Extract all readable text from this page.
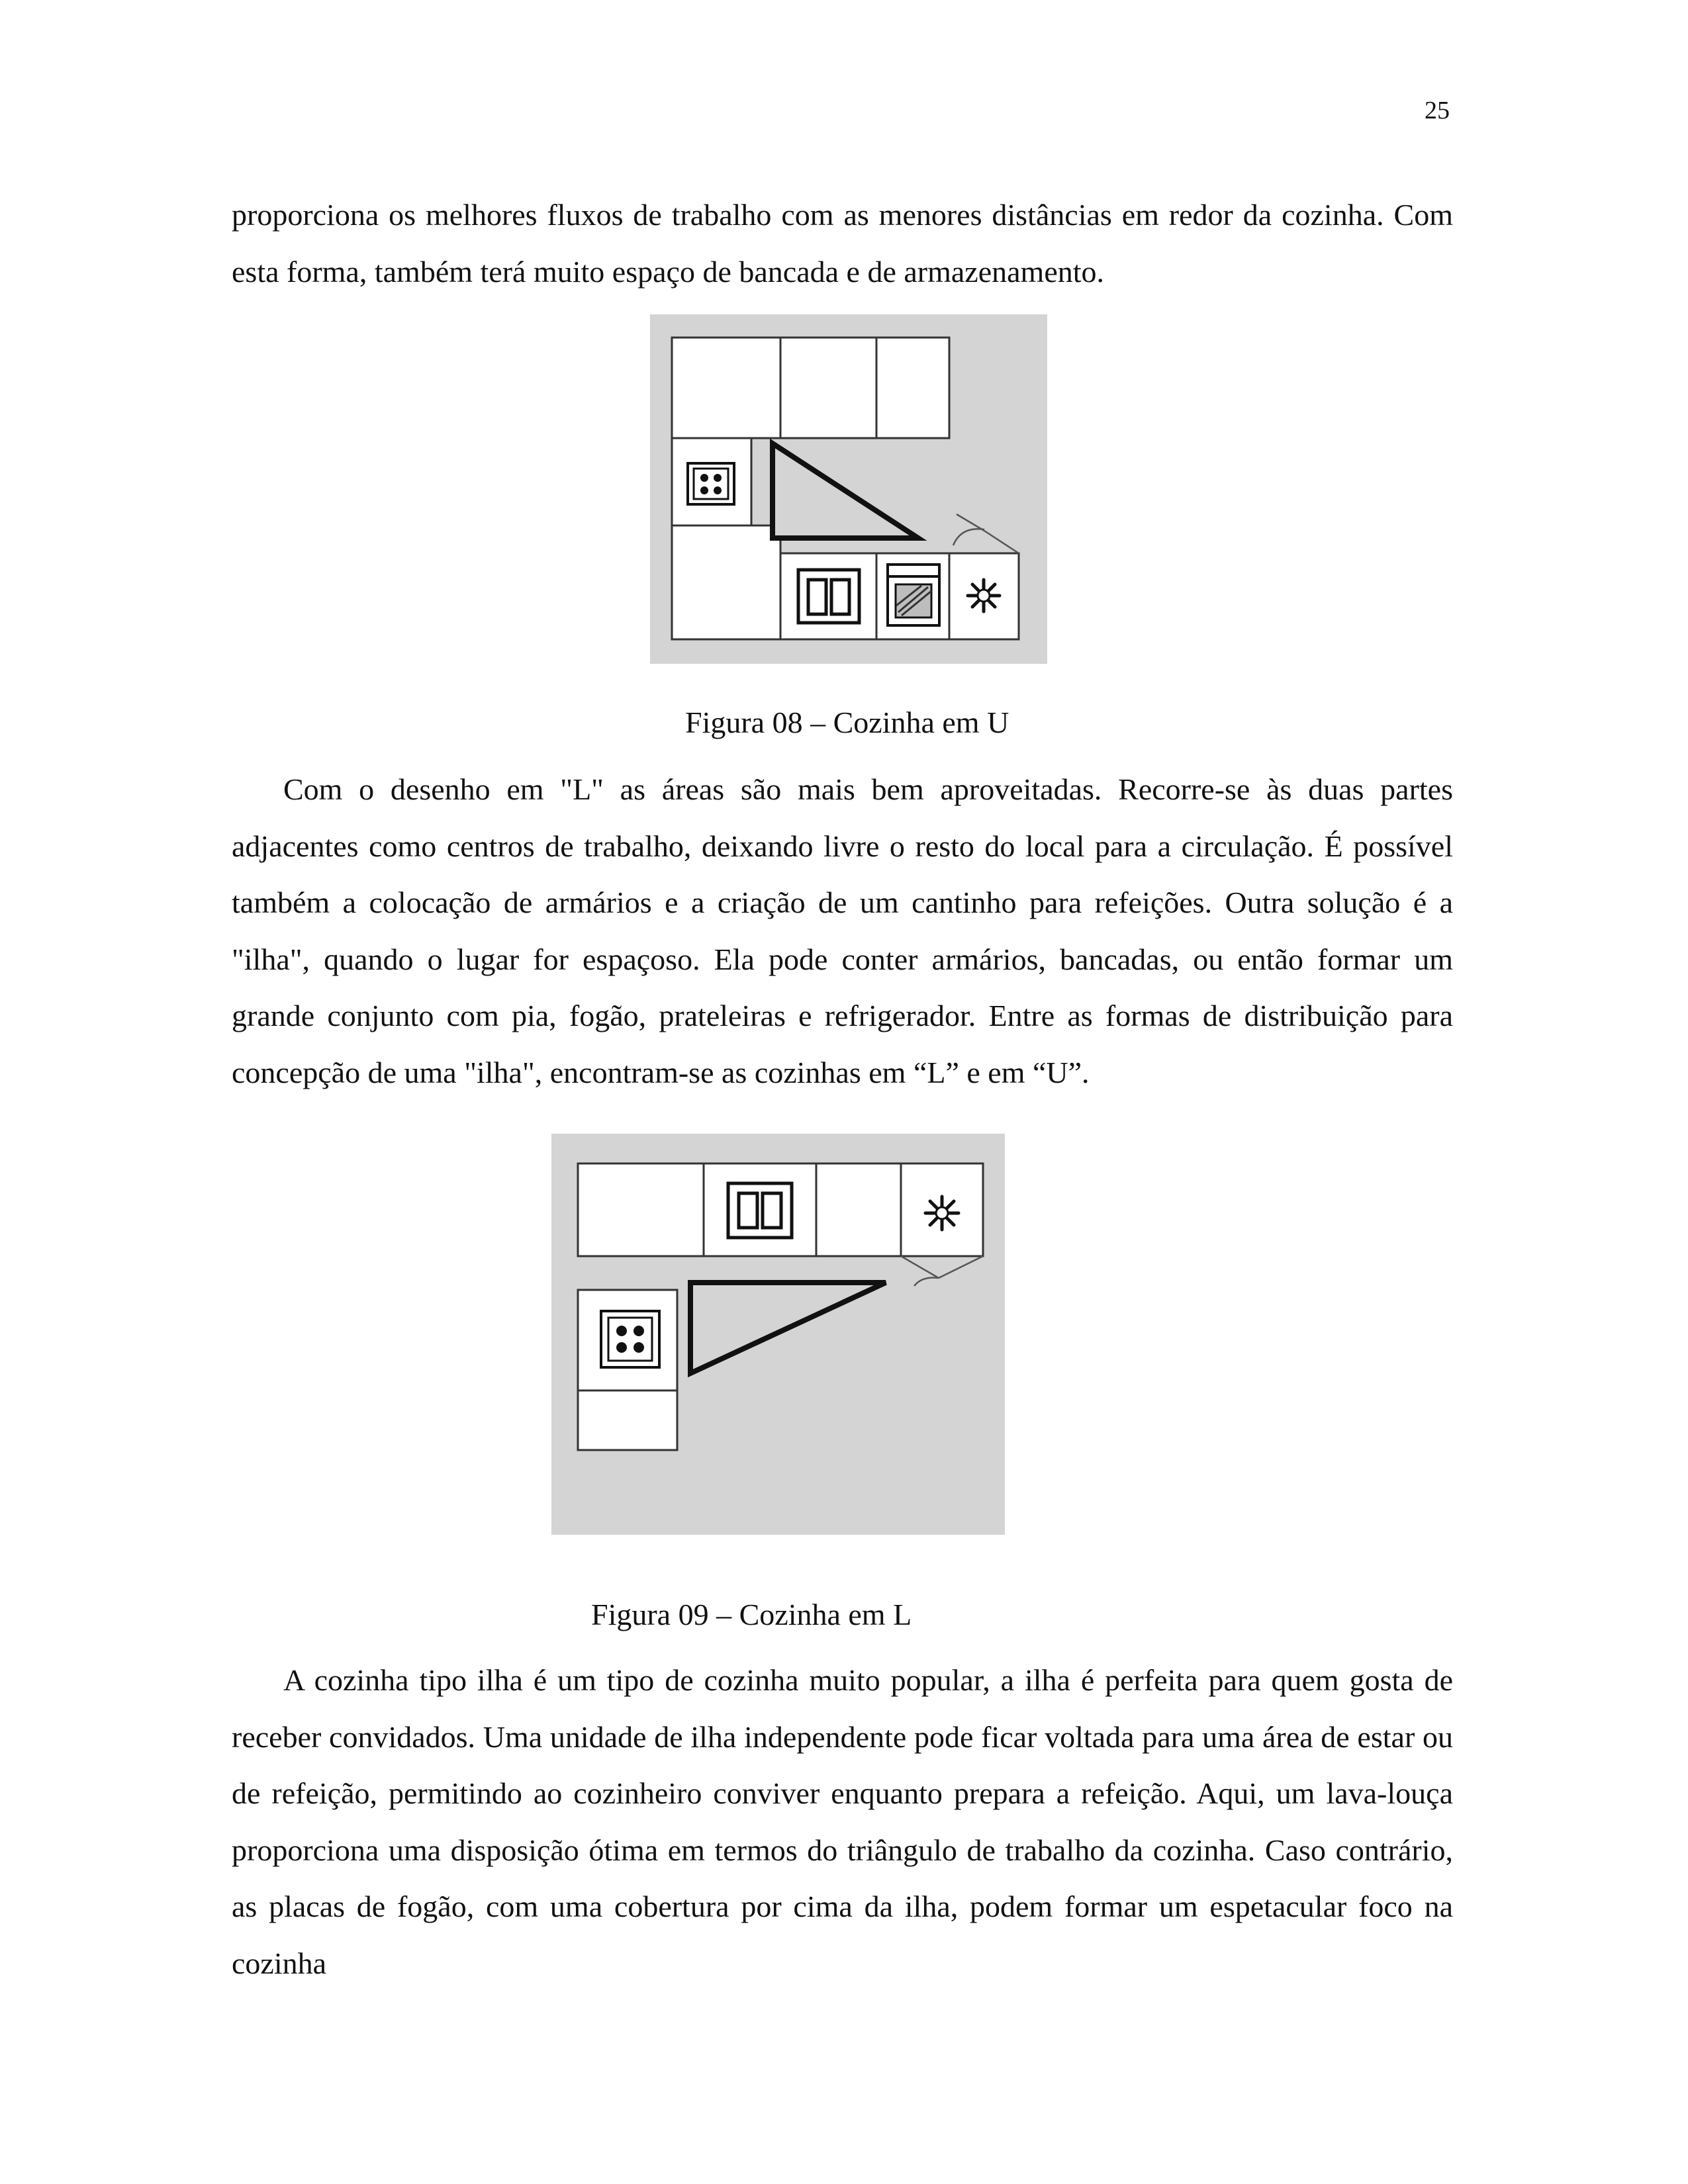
25

proporciona os melhores fluxos de trabalho com as menores distâncias em redor da cozinha. Com esta forma, também terá muito espaço de bancada e de armazenamento.

Figura 08 – Cozinha em U

Com o desenho em "L" as áreas são mais bem aproveitadas. Recorre-se às duas partes adjacentes como centros de trabalho, deixando livre o resto do local para a circulação. É possível também a colocação de armários e a criação de um cantinho para refeições. Outra solução é a "ilha", quando o lugar for espaçoso. Ela pode conter armários, bancadas, ou então formar um grande conjunto com pia, fogão, prateleiras e refrigerador. Entre as formas de distribuição para concepção de uma "ilha", encontram-se as cozinhas em “L” e em “U”.

Figura 09 – Cozinha em L

A cozinha tipo ilha é um tipo de cozinha muito popular, a ilha é perfeita para quem gosta de receber convidados. Uma unidade de ilha independente pode ficar voltada para uma área de estar ou de refeição, permitindo ao cozinheiro conviver enquanto prepara a refeição. Aqui, um lava-louça proporciona uma disposição ótima em termos do triângulo de trabalho da cozinha. Caso contrário, as placas de fogão, com uma cobertura por cima da ilha, podem formar um espetacular foco na cozinha
